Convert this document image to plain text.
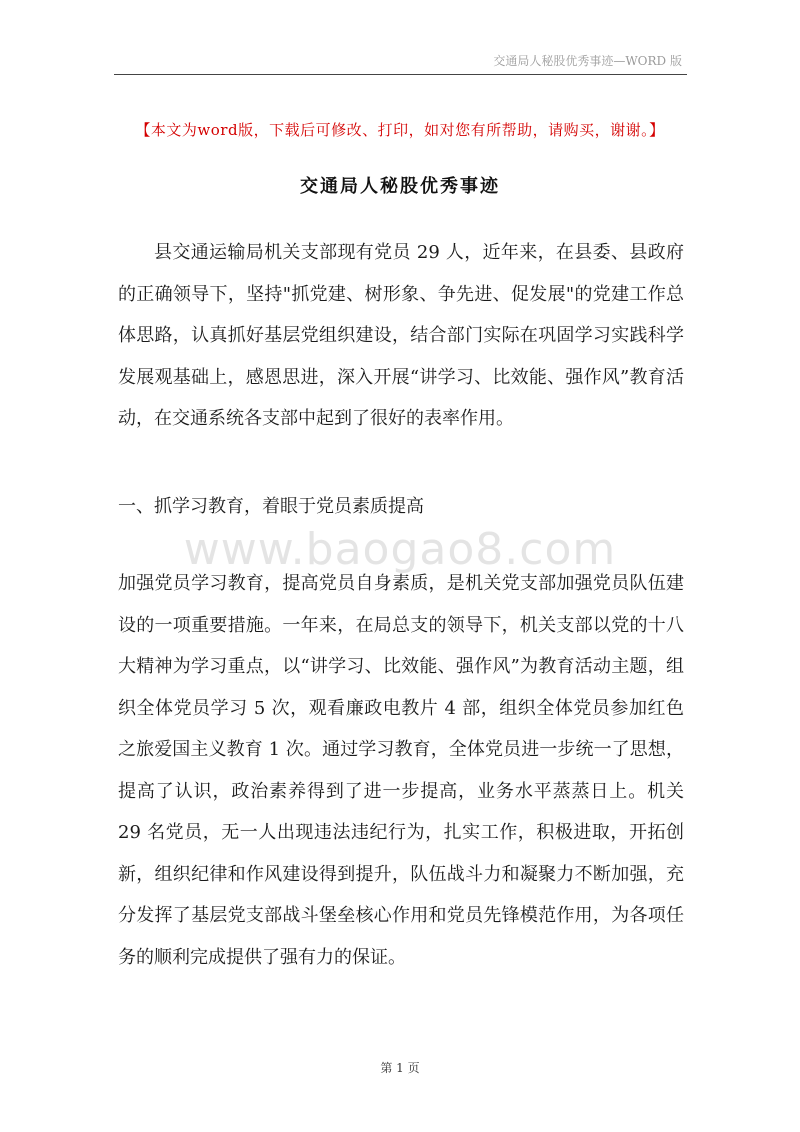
交通局人秘股优秀事迹—WORD 版
【本文为word版，下载后可修改、打印，如对您有所帮助，请购买，谢谢。】
交通局人秘股优秀事迹
县交通运输局机关支部现有党员 29 人，近年来，在县委、县政府的正确领导下，坚持"抓党建、树形象、争先进、促发展"的党建工作总体思路，认真抓好基层党组织建设，结合部门实际在巩固学习实践科学发展观基础上，感恩思进，深入开展“讲学习、比效能、强作风”教育活动，在交通系统各支部中起到了很好的表率作用。
一、抓学习教育，着眼于党员素质提高
www.baogao8.com
加强党员学习教育，提高党员自身素质，是机关党支部加强党员队伍建设的一项重要措施。一年来，在局总支的领导下，机关支部以党的十八大精神为学习重点，以“讲学习、比效能、强作风”为教育活动主题，组织全体党员学习 5 次，观看廉政电教片 4 部，组织全体党员参加红色之旅爱国主义教育 1 次。通过学习教育，全体党员进一步统一了思想，提高了认识，政治素养得到了进一步提高，业务水平蒸蒸日上。机关 29 名党员，无一人出现违法违纪行为，扎实工作，积极进取，开拓创新，组织纪律和作风建设得到提升，队伍战斗力和凝聚力不断加强，充分发挥了基层党支部战斗堡垒核心作用和党员先锋模范作用，为各项任务的顺利完成提供了强有力的保证。
第 1 页
